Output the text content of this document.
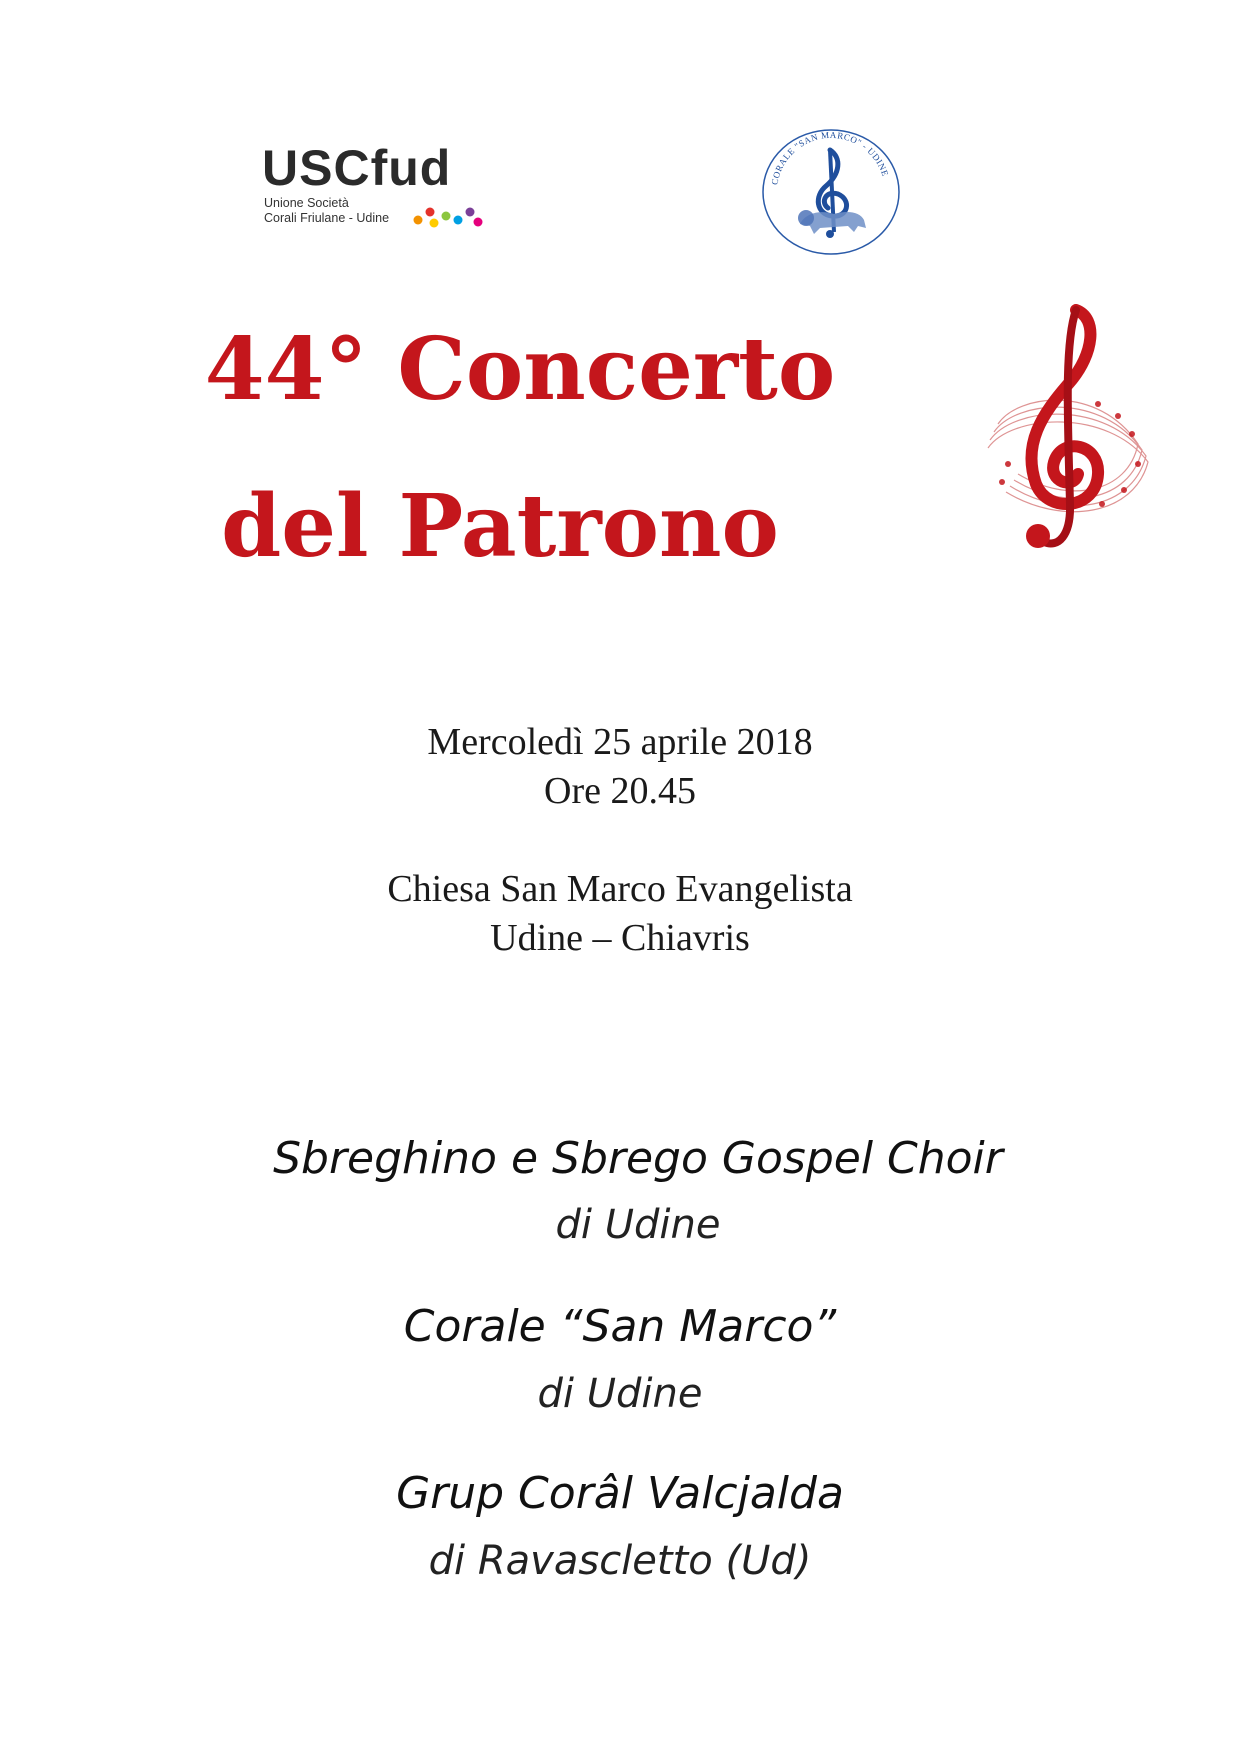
USCfud
Unione Società
Corali Friulane - Udine
CORALE "SAN MARCO" - UDINE
44° Concerto
del Patrono
Mercoledì 25 aprile 2018
Ore 20.45
Chiesa San Marco Evangelista
Udine – Chiavris
Sbreghino e Sbrego Gospel Choir
di Udine
Corale “San Marco”
di Udine
Grup Corâl Valcjalda
di Ravascletto (Ud)
